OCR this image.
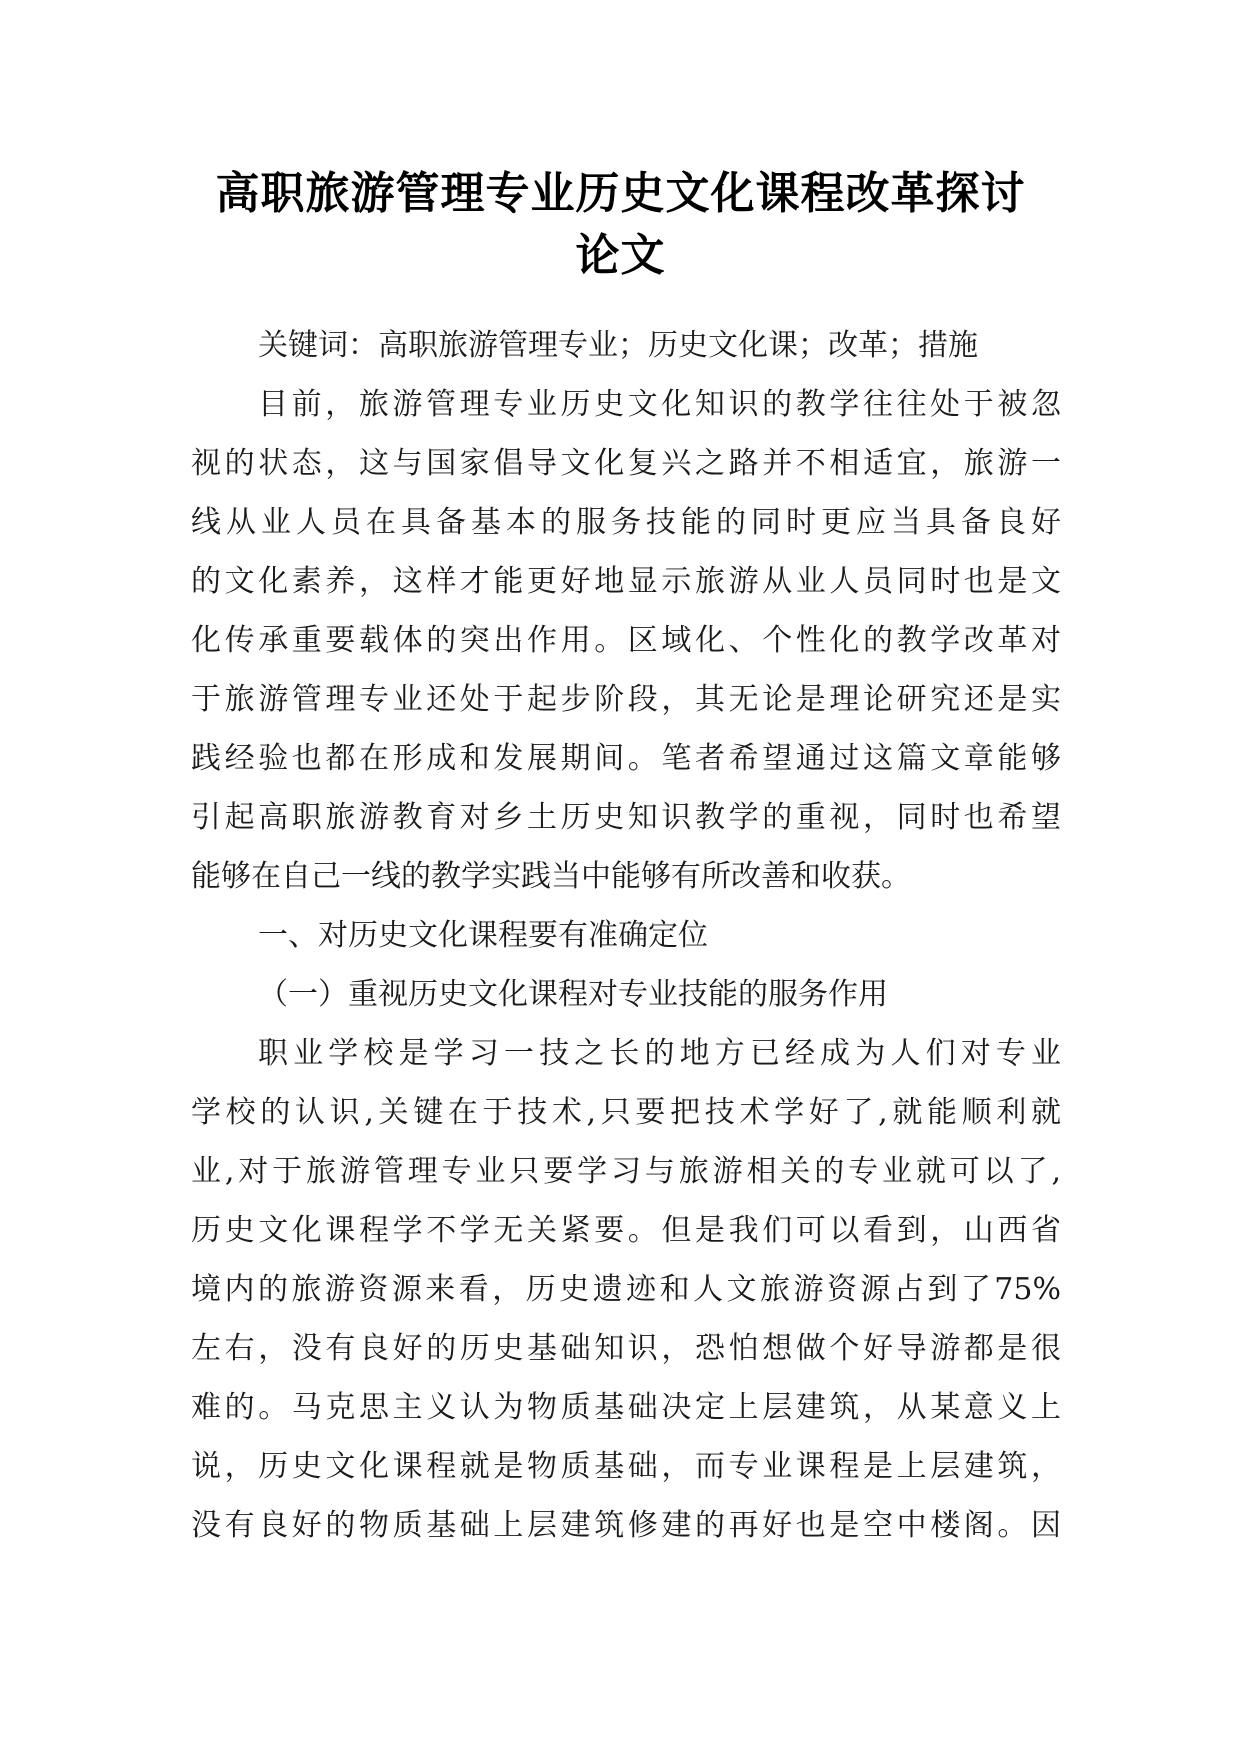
高职旅游管理专业历史文化课程改革探讨
论文
关键词：高职旅游管理专业；历史文化课；改革；措施
目前，旅游管理专业历史文化知识的教学往往处于被忽
视的状态，这与国家倡导文化复兴之路并不相适宜，旅游一
线从业人员在具备基本的服务技能的同时更应当具备良好
的文化素养，这样才能更好地显示旅游从业人员同时也是文
化传承重要载体的突出作用。区域化、个性化的教学改革对
于旅游管理专业还处于起步阶段，其无论是理论研究还是实
践经验也都在形成和发展期间。笔者希望通过这篇文章能够
引起高职旅游教育对乡土历史知识教学的重视，同时也希望
能够在自己一线的教学实践当中能够有所改善和收获。
一、对历史文化课程要有准确定位
（一）重视历史文化课程对专业技能的服务作用
职业学校是学习一技之长的地方已经成为人们对专业
学校的认识,关键在于技术,只要把技术学好了,就能顺利就
业,对于旅游管理专业只要学习与旅游相关的专业就可以了,
历史文化课程学不学无关紧要。但是我们可以看到，山西省
境内的旅游资源来看，历史遗迹和人文旅游资源占到了75%
左右，没有良好的历史基础知识，恐怕想做个好导游都是很
难的。马克思主义认为物质基础决定上层建筑，从某意义上
说，历史文化课程就是物质基础，而专业课程是上层建筑，
没有良好的物质基础上层建筑修建的再好也是空中楼阁。因
